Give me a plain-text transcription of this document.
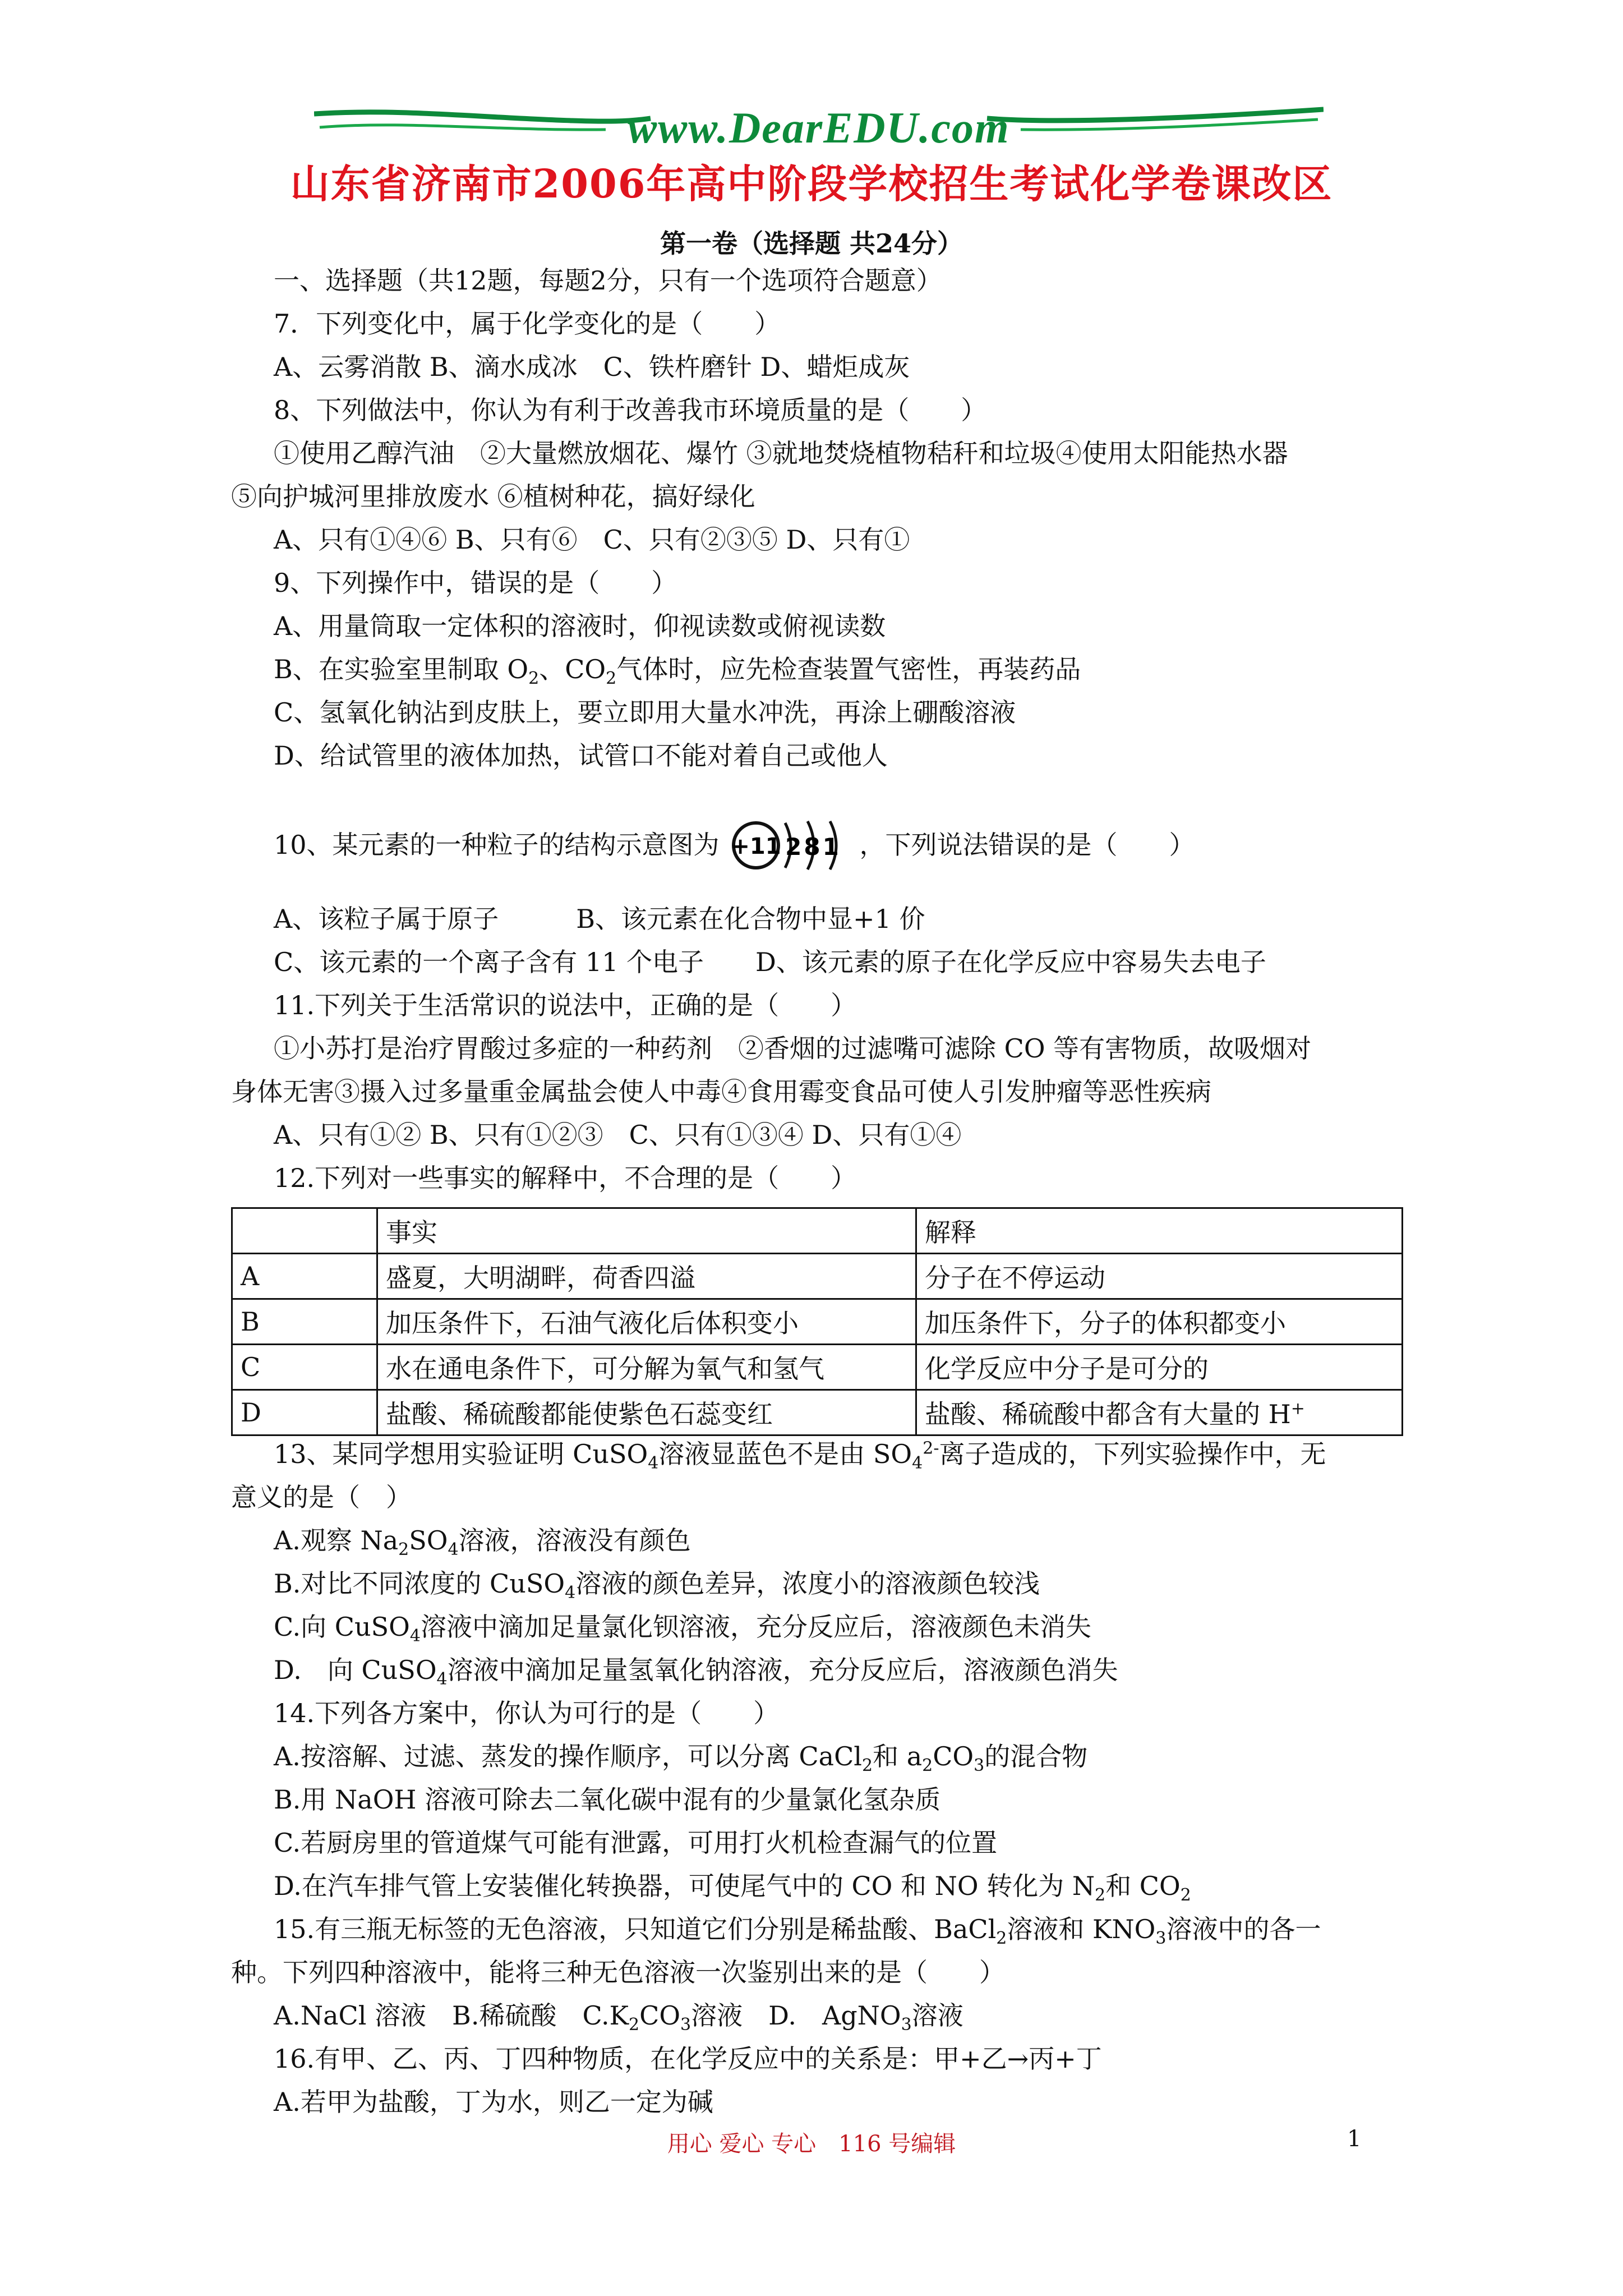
www.DearEDU.com
山东省济南市2006年高中阶段学校招生考试化学卷课改区
第一卷（选择题 共24分）
一、选择题（共12题，每题2分，只有一个选项符合题意）
7．下列变化中，属于化学变化的是（　　）
A、云雾消散 B、滴水成冰　C、铁杵磨针 D、蜡炬成灰
8、下列做法中，你认为有利于改善我市环境质量的是（　　）
①使用乙醇汽油　②大量燃放烟花、爆竹 ③就地焚烧植物秸秆和垃圾④使用太阳能热水器
⑤向护城河里排放废水 ⑥植树种花，搞好绿化
A、只有①④⑥ B、只有⑥　C、只有②③⑤ D、只有①
9、下列操作中，错误的是（　　）
A、用量筒取一定体积的溶液时，仰视读数或俯视读数
B、在实验室里制取 $O_2$、$CO_2$气体时，应先检查装置气密性，再装药品
C、氢氧化钠沾到皮肤上，要立即用大量水冲洗，再涂上硼酸溶液
D、给试管里的液体加热，试管口不能对着自己或他人
10、某元素的一种粒子的结构示意图为	，下列说法错误的是（　　）
+11 281
A、该粒子属于原子　　　B、该元素在化合物中显+1 价
C、该元素的一个离子含有 11 个电子　　D、该元素的原子在化学反应中容易失去电子
11.下列关于生活常识的说法中，正确的是（　　）
①小苏打是治疗胃酸过多症的一种药剂　②香烟的过滤嘴可滤除 CO 等有害物质，故吸烟对
身体无害③摄入过多量重金属盐会使人中毒④食用霉变食品可使人引发肿瘤等恶性疾病
A、只有①② B、只有①②③　C、只有①③④ D、只有①④
12.下列对一些事实的解释中，不合理的是（　　）
	事实	解释
A	盛夏，大明湖畔，荷香四溢	分子在不停运动
B	加压条件下，石油气液化后体积变小	加压条件下，分子的体积都变小
C	水在通电条件下，可分解为氧气和氢气	化学反应中分子是可分的
D	盐酸、稀硫酸都能使紫色石蕊变红	盐酸、稀硫酸中都含有大量的 H+
13、某同学想用实验证明 CuSO$_4$溶液显蓝色不是由 $SO_4^{2-}$离子造成的，下列实验操作中，无
意义的是（　）
A.观察 $Na_2SO_4$溶液，溶液没有颜色
B.对比不同浓度的 CuSO$_4$溶液的颜色差异，浓度小的溶液颜色较浅
C.向 CuSO$_4$溶液中滴加足量氯化钡溶液，充分反应后，溶液颜色未消失
D.　向 CuSO$_4$溶液中滴加足量氢氧化钠溶液，充分反应后，溶液颜色消失
14.下列各方案中，你认为可行的是（　　）
A.按溶解、过滤、蒸发的操作顺序，可以分离 CaCl$_2$和 $a_2CO_3$的混合物
B.用 NaOH 溶液可除去二氧化碳中混有的少量氯化氢杂质
C.若厨房里的管道煤气可能有泄露，可用打火机检查漏气的位置
D.在汽车排气管上安装催化转换器，可使尾气中的 CO 和 NO 转化为 $N_2$和 $CO_2$
15.有三瓶无标签的无色溶液，只知道它们分别是稀盐酸、BaCl$_2$溶液和 $KNO_3$溶液中的各一
种。下列四种溶液中，能将三种无色溶液一次鉴别出来的是（　　）
A.NaCl 溶液　B.稀硫酸　$C.K_2CO_3$溶液　D.　AgNO$_3$溶液
16.有甲、乙、丙、丁四种物质，在化学反应中的关系是：甲+乙→丙+丁
A.若甲为盐酸，丁为水，则乙一定为碱
用心 爱心 专心　116 号编辑	1
